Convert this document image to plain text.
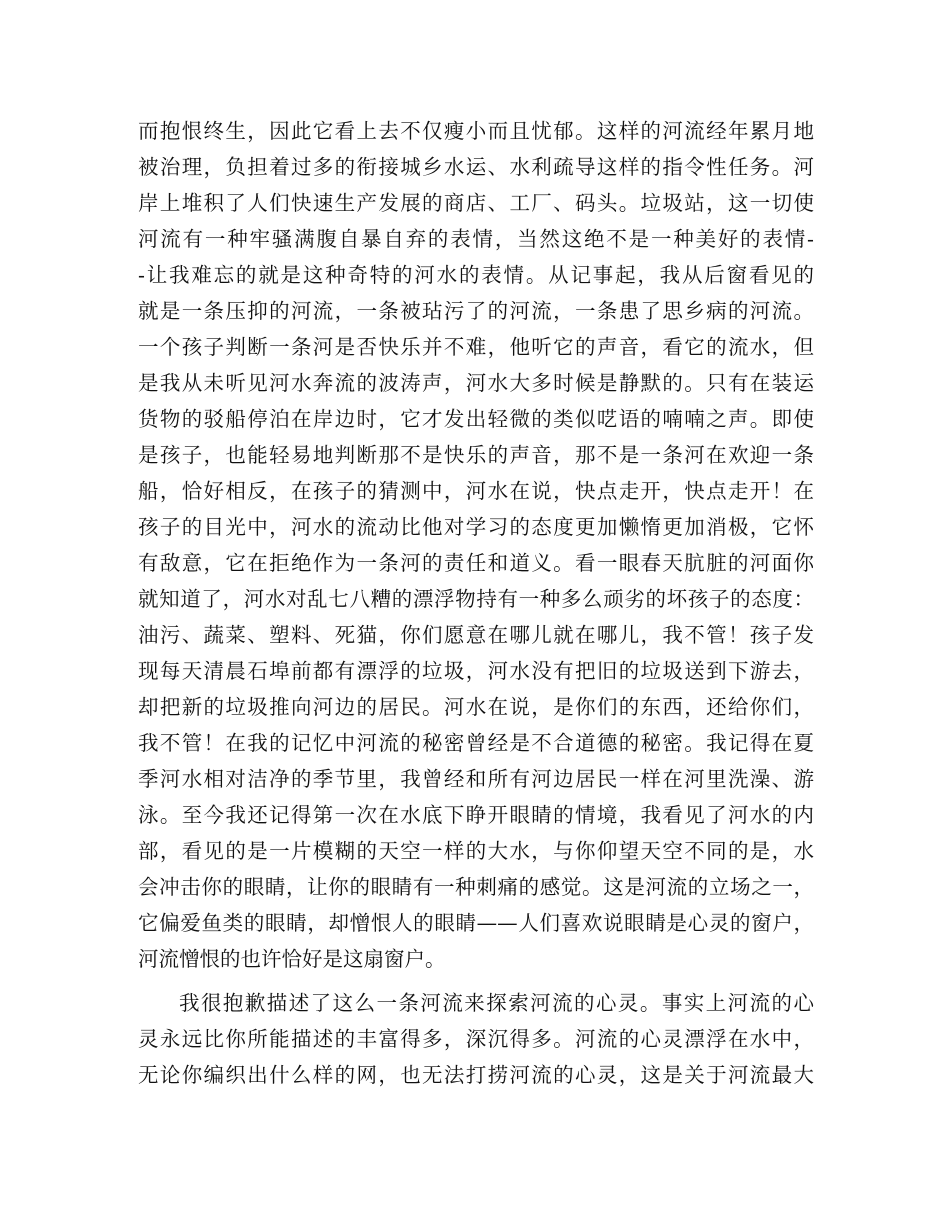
而抱恨终生，因此它看上去不仅瘦小而且忧郁。这样的河流经年累月地
被治理，负担着过多的衔接城乡水运、水利疏导这样的指令性任务。河
岸上堆积了人们快速生产发展的商店、工厂、码头。垃圾站，这一切使
河流有一种牢骚满腹自暴自弃的表情，当然这绝不是一种美好的表情-
-让我难忘的就是这种奇特的河水的表情。从记事起，我从后窗看见的
就是一条压抑的河流，一条被玷污了的河流，一条患了思乡病的河流。
一个孩子判断一条河是否快乐并不难，他听它的声音，看它的流水，但
是我从未听见河水奔流的波涛声，河水大多时候是静默的。只有在装运
货物的驳船停泊在岸边时，它才发出轻微的类似呓语的喃喃之声。即使
是孩子，也能轻易地判断那不是快乐的声音，那不是一条河在欢迎一条
船，恰好相反，在孩子的猜测中，河水在说，快点走开，快点走开！在
孩子的目光中，河水的流动比他对学习的态度更加懒惰更加消极，它怀
有敌意，它在拒绝作为一条河的责任和道义。看一眼春天肮脏的河面你
就知道了，河水对乱七八糟的漂浮物持有一种多么顽劣的坏孩子的态度：
油污、蔬菜、塑料、死猫，你们愿意在哪儿就在哪儿，我不管！孩子发
现每天清晨石埠前都有漂浮的垃圾，河水没有把旧的垃圾送到下游去，
却把新的垃圾推向河边的居民。河水在说，是你们的东西，还给你们，
我不管！在我的记忆中河流的秘密曾经是不合道德的秘密。我记得在夏
季河水相对洁净的季节里，我曾经和所有河边居民一样在河里洗澡、游
泳。至今我还记得第一次在水底下睁开眼睛的情境，我看见了河水的内
部，看见的是一片模糊的天空一样的大水，与你仰望天空不同的是，水
会冲击你的眼睛，让你的眼睛有一种刺痛的感觉。这是河流的立场之一，
它偏爱鱼类的眼睛，却憎恨人的眼睛——人们喜欢说眼睛是心灵的窗户，
河流憎恨的也许恰好是这扇窗户。
我很抱歉描述了这么一条河流来探索河流的心灵。事实上河流的心
灵永远比你所能描述的丰富得多，深沉得多。河流的心灵漂浮在水中，
无论你编织出什么样的网，也无法打捞河流的心灵，这是关于河流最大
